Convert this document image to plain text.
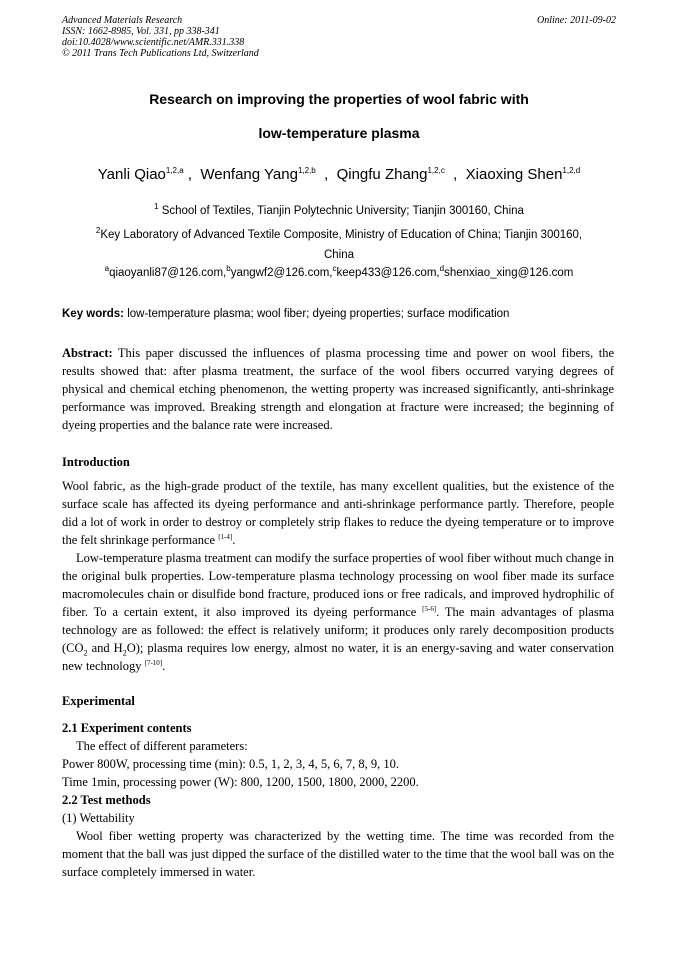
Advanced Materials Research
ISSN: 1662-8985, Vol. 331, pp 338-341
doi:10.4028/www.scientific.net/AMR.331.338
© 2011 Trans Tech Publications Ltd, Switzerland
Online: 2011-09-02
Research on improving the properties of wool fabric with
low-temperature plasma
Yanli Qiao$^{1,2,a}$ ,  Wenfang Yang$^{1,2,b}$  ,  Qingfu Zhang$^{1,2,c}$  ,  Xiaoxing Shen$^{1,2,d}$
$^1$ School of Textiles, Tianjin Polytechnic University; Tianjin 300160, China
$^2$Key Laboratory of Advanced Textile Composite, Ministry of Education of China; Tianjin 300160,
China
$^a$qiaoyanli87@126.com,$^b$yangwf2@126.com,$^c$keep433@126.com,$^d$shenxiao_xing@126.com
Key words: low-temperature plasma; wool fiber; dyeing properties; surface modification

Abstract: This paper discussed the influences of plasma processing time and power on wool fibers, the results showed that: after plasma treatment, the surface of the wool fibers occurred varying degrees of physical and chemical etching phenomenon, the wetting property was increased significantly, anti-shrinkage performance was improved. Breaking strength and elongation at fracture were increased; the beginning of dyeing properties and the balance rate were increased.

Introduction

Wool fabric, as the high-grade product of the textile, has many excellent qualities, but the existence of the surface scale has affected its dyeing performance and anti-shrinkage performance partly. Therefore, people did a lot of work in order to destroy or completely strip flakes to reduce the dyeing temperature or to improve the felt shrinkage performance [1-4].

Low-temperature plasma treatment can modify the surface properties of wool fiber without much change in the original bulk properties. Low-temperature plasma technology processing on wool fiber made its surface macromolecules chain or disulfide bond fracture, produced ions or free radicals, and improved hydrophilic of fiber. To a certain extent, it also improved its dyeing performance [5-6]. The main advantages of plasma technology are as followed: the effect is relatively uniform; it produces only rarely decomposition products ($CO_2$ and $H_2O$); plasma requires low energy, almost no water, it is an energy-saving and water conservation new technology [7-10].

Experimental

2.1 Experiment contents

The effect of different parameters:

Power 800W, processing time (min): 0.5, 1, 2, 3, 4, 5, 6, 7, 8, 9, 10.

Time 1min, processing power (W): 800, 1200, 1500, 1800, 2000, 2200.

2.2 Test methods

(1) Wettability

Wool fiber wetting property was characterized by the wetting time. The time was recorded from the moment that the ball was just dipped the surface of the distilled water to the time that the wool ball was on the surface completely immersed in water.
